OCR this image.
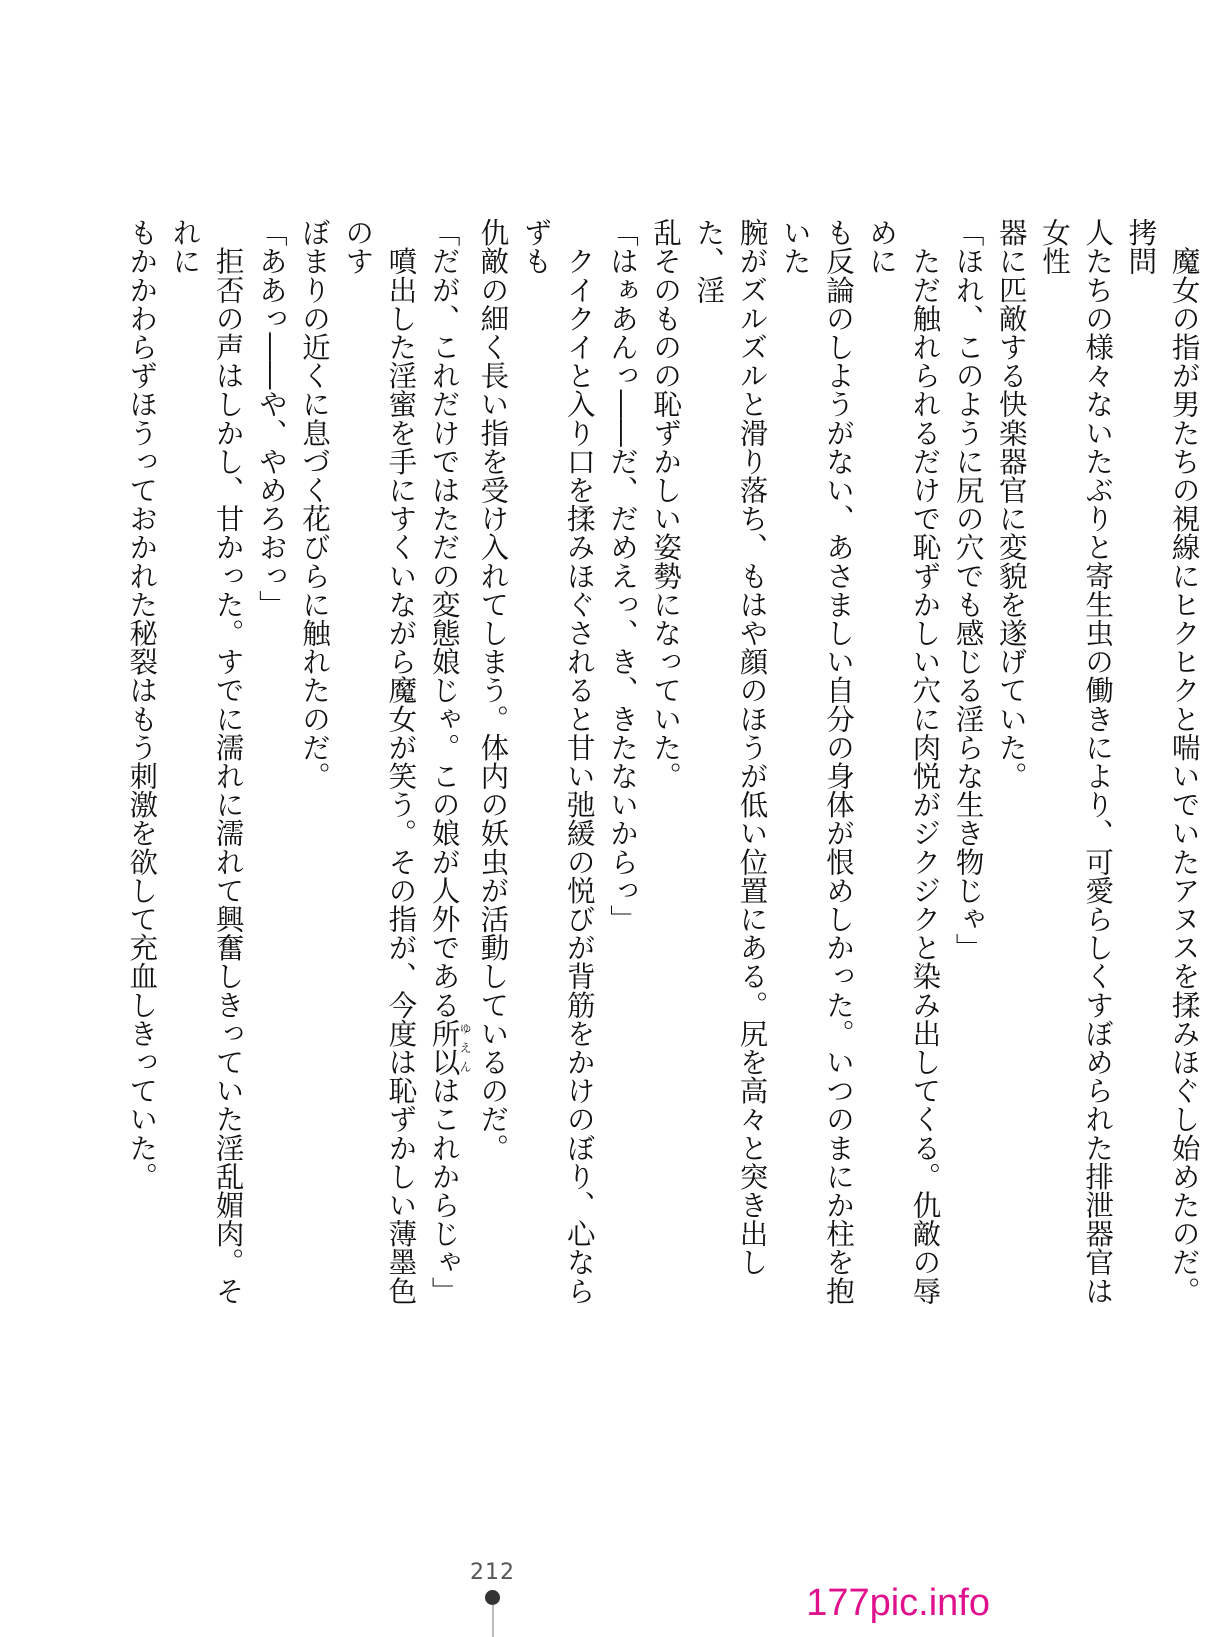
　魔女の指が男たちの視線にヒクヒクと喘いでいたアヌスを揉みほぐし始めたのだ。拷問

人たちの様々ないたぶりと寄生虫の働きにより、可愛らしくすぼめられた排泄器官は女性

器に匹敵する快楽器官に変貌を遂げていた。

「ほれ、このように尻の穴でも感じる淫らな生き物じゃ」

　ただ触れられるだけで恥ずかしい穴に肉悦がジクジクと染み出してくる。仇敵の辱めに

も反論のしようがない、あさましい自分の身体が恨めしかった。いつのまにか柱を抱いた

腕がズルズルと滑り落ち、もはや顔のほうが低い位置にある。尻を高々と突き出した、淫

乱そのものの恥ずかしい姿勢になっていた。

「はぁあんっ――だ、だめえっ、き、きたないからっ」

　クイクイと入り口を揉みほぐされると甘い弛緩の悦びが背筋をかけのぼり、心ならずも

仇敵の細く長い指を受け入れてしまう。体内の妖虫が活動しているのだ。

「だが、これだけではただの変態娘じゃ。この娘が人外である所以ゆえんはこれからじゃ」

　噴出した淫蜜を手にすくいながら魔女が笑う。その指が、今度は恥ずかしい薄墨色のす

ぼまりの近くに息づく花びらに触れたのだ。

「ああっ――や、やめろおっ」

　拒否の声はしかし、甘かった。すでに濡れに濡れて興奮しきっていた淫乱媚肉。それに

もかかわらずほうっておかれた秘裂はもう刺激を欲して充血しきっていた。

212
177pic.info
